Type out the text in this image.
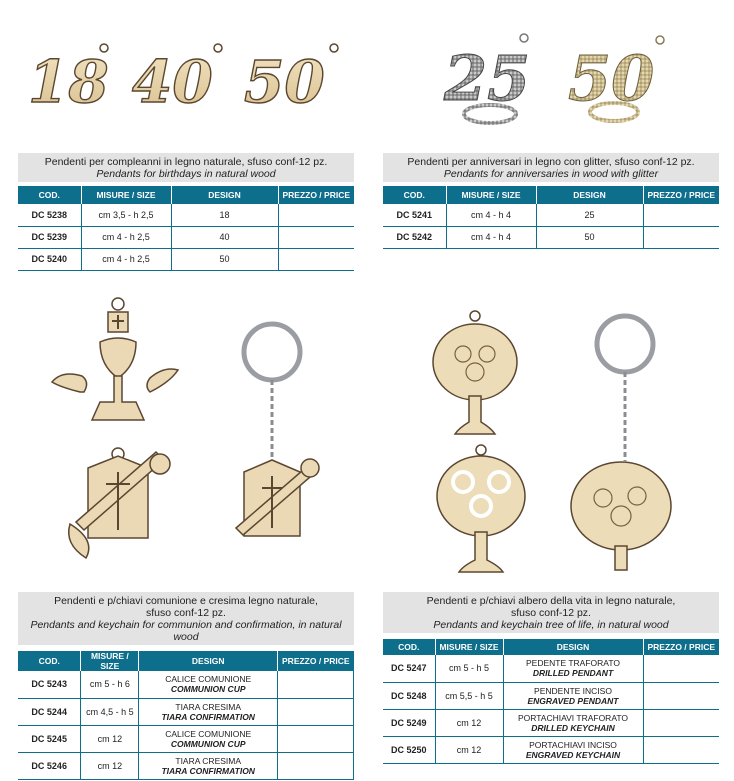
18 40 50
Pendenti per compleanni in legno naturale, sfuso conf-12 pz.
Pendants for birthdays in natural wood
COD.	MISURE / SIZE	DESIGN	PREZZO / PRICE
DC 5238	cm 3,5 - h 2,5	18	
DC 5239	cm 4 - h 2,5	40	
DC 5240	cm 4 - h 2,5	50	
25 50
Pendenti per anniversari in legno con glitter, sfuso conf-12 pz.
Pendants for anniversaries in wood with glitter
COD.	MISURE / SIZE	DESIGN	PREZZO / PRICE
DC 5241	cm 4 - h 4	25	
DC 5242	cm 4 - h 4	50	
Pendenti e p/chiavi comunione e cresima legno naturale,
sfuso conf-12 pz.
Pendants and keychain for communion and confirmation, in natural wood
COD.	MISURE / SIZE	DESIGN	PREZZO / PRICE
DC 5243	cm 5 - h 6	CALICE COMUNIONE
COMMUNION CUP	

DC 5244	cm 4,5 - h 5	TIARA CRESIMA
TIARA CONFIRMATION	

DC 5245	cm 12	CALICE COMUNIONE
COMMUNION CUP	

DC 5246	cm 12	TIARA CRESIMA
TIARA CONFIRMATION	

Pendenti e p/chiavi albero della vita in legno naturale,
sfuso conf-12 pz.
Pendants and keychain tree of life, in natural wood
COD.	MISURE / SIZE	DESIGN	PREZZO / PRICE
DC 5247	cm 5 - h 5	PEDENTE TRAFORATO
DRILLED PENDANT	

DC 5248	cm 5,5 - h 5	PENDENTE INCISO
ENGRAVED PENDANT	

DC 5249	cm 12	PORTACHIAVI TRAFORATO
DRILLED KEYCHAIN	

DC 5250	cm 12	PORTACHIAVI INCISO
ENGRAVED KEYCHAIN	
